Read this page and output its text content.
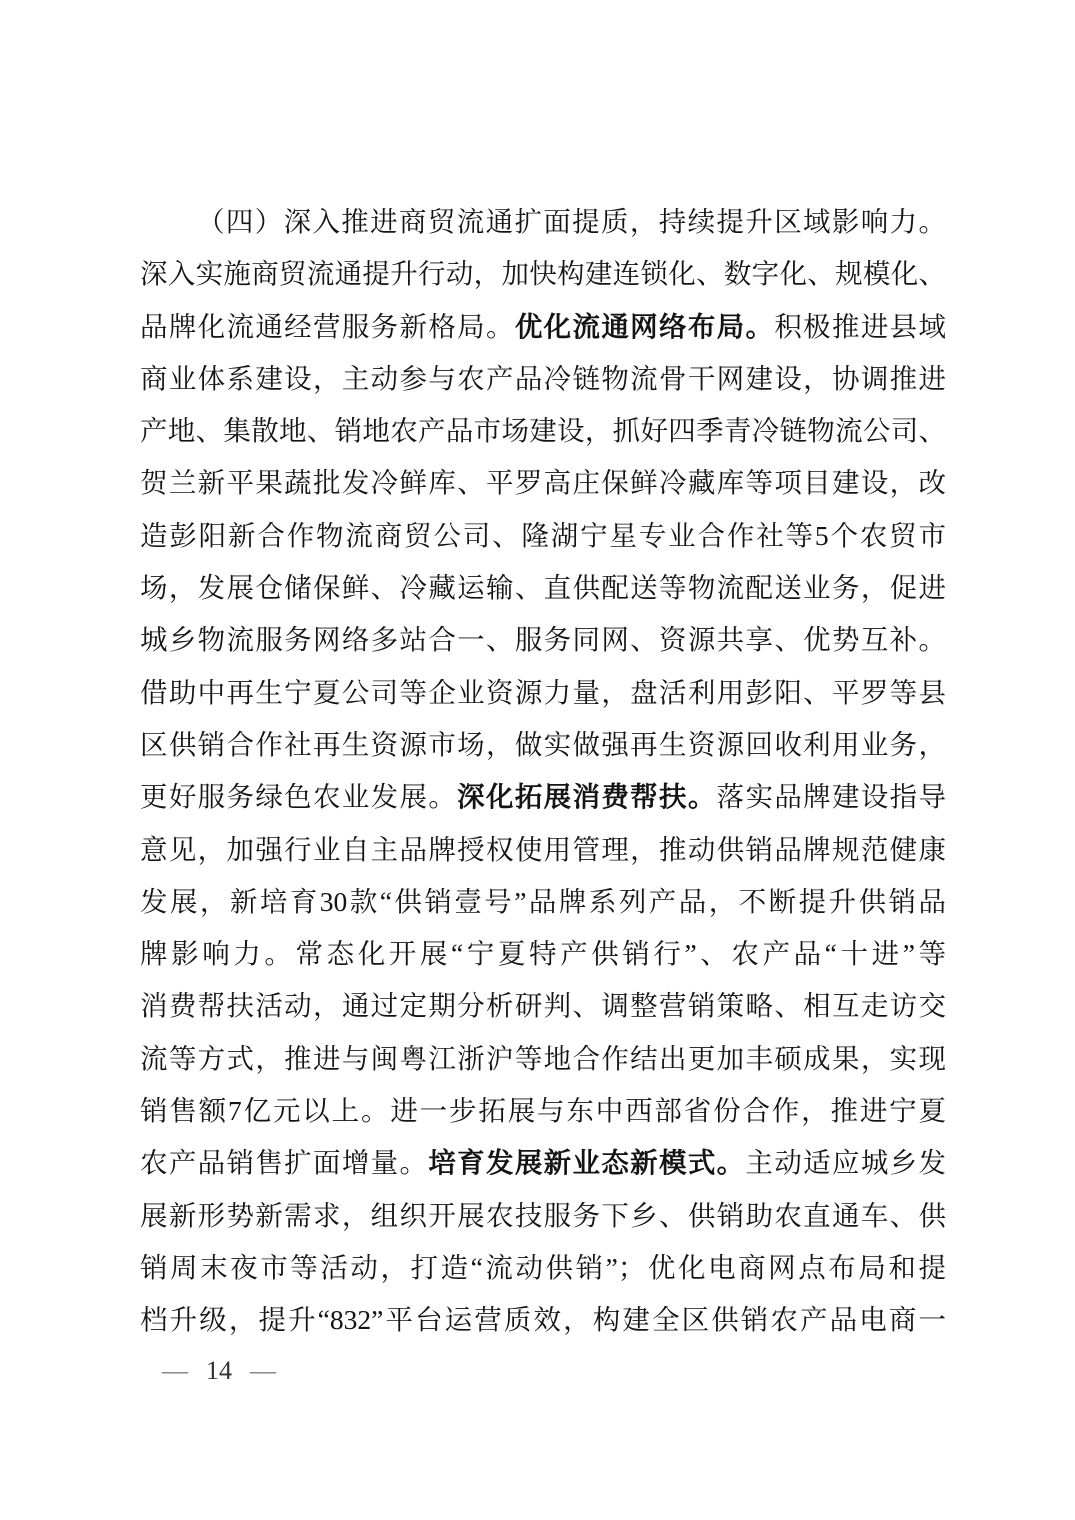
（四）深入推进商贸流通扩面提质，持续提升区域影响力。
深入实施商贸流通提升行动，加快构建连锁化、数字化、规模化、
品牌化流通经营服务新格局。优化流通网络布局。积极推进县域
商业体系建设，主动参与农产品冷链物流骨干网建设，协调推进
产地、集散地、销地农产品市场建设，抓好四季青冷链物流公司、
贺兰新平果蔬批发冷鲜库、平罗高庄保鲜冷藏库等项目建设，改
造彭阳新合作物流商贸公司、隆湖宁星专业合作社等5个农贸市
场，发展仓储保鲜、冷藏运输、直供配送等物流配送业务，促进
城乡物流服务网络多站合一、服务同网、资源共享、优势互补。
借助中再生宁夏公司等企业资源力量，盘活利用彭阳、平罗等县
区供销合作社再生资源市场，做实做强再生资源回收利用业务，
更好服务绿色农业发展。深化拓展消费帮扶。落实品牌建设指导
意见，加强行业自主品牌授权使用管理，推动供销品牌规范健康
发展，新培育30款“供销壹号”品牌系列产品，不断提升供销品
牌影响力。常态化开展“宁夏特产供销行”、农产品“十进”等
消费帮扶活动，通过定期分析研判、调整营销策略、相互走访交
流等方式，推进与闽粤江浙沪等地合作结出更加丰硕成果，实现
销售额7亿元以上。进一步拓展与东中西部省份合作，推进宁夏
农产品销售扩面增量。培育发展新业态新模式。主动适应城乡发
展新形势新需求，组织开展农技服务下乡、供销助农直通车、供
销周末夜市等活动，打造“流动供销”；优化电商网点布局和提
档升级，提升“832”平台运营质效，构建全区供销农产品电商一
— 14 —
